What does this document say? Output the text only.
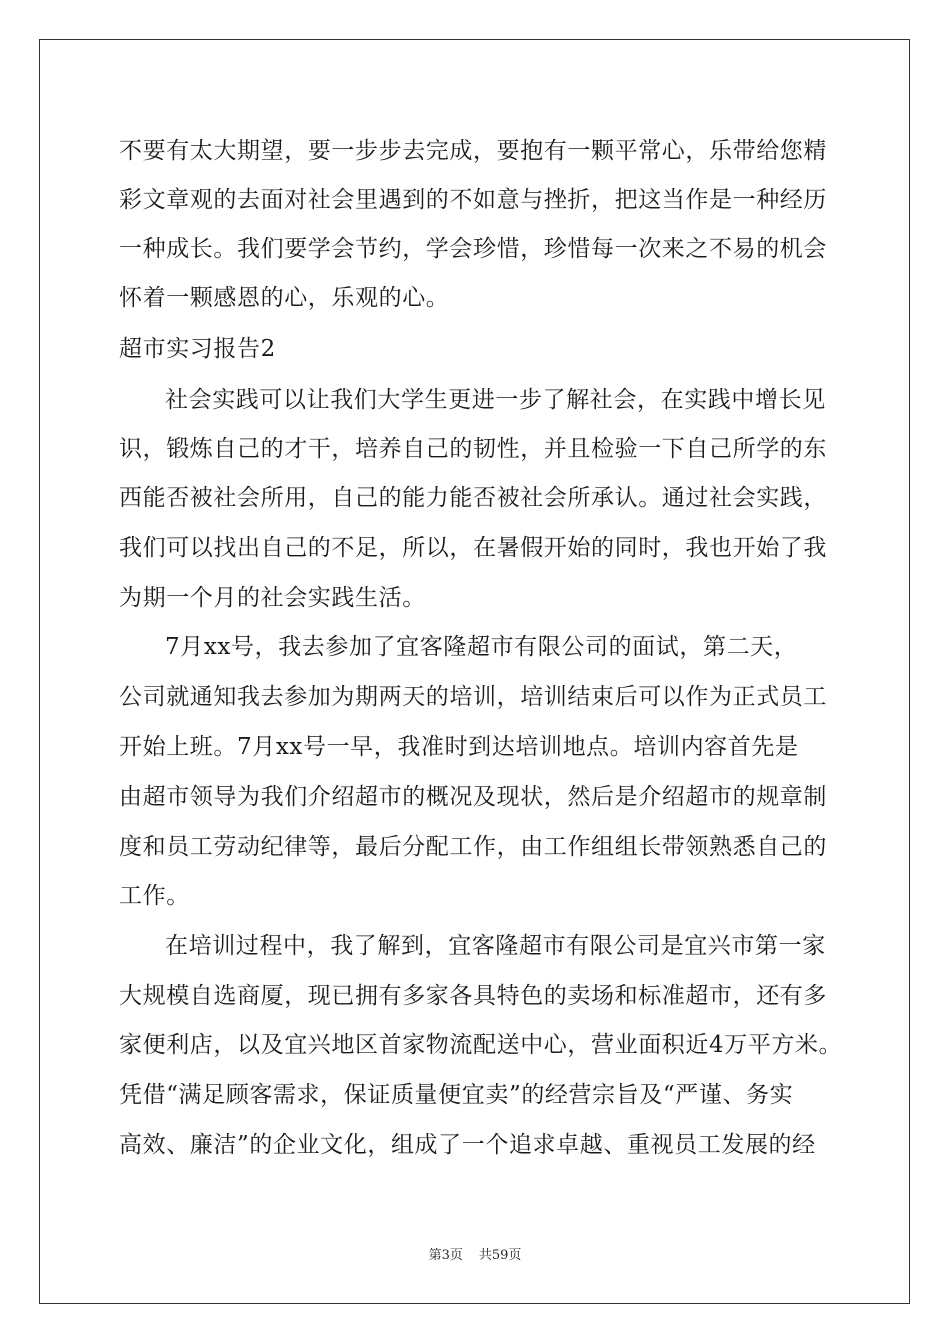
不要有太大期望，要一步步去完成，要抱有一颗平常心，乐带给您精
彩文章观的去面对社会里遇到的不如意与挫折，把这当作是一种经历
一种成长。我们要学会节约，学会珍惜，珍惜每一次来之不易的机会
怀着一颗感恩的心，乐观的心。
超市实习报告2
社会实践可以让我们大学生更进一步了解社会，在实践中增长见
识，锻炼自己的才干，培养自己的韧性，并且检验一下自己所学的东
西能否被社会所用，自己的能力能否被社会所承认。通过社会实践，
我们可以找出自己的不足，所以，在暑假开始的同时，我也开始了我
为期一个月的社会实践生活。
7月xx号，我去参加了宜客隆超市有限公司的面试，第二天，
公司就通知我去参加为期两天的培训，培训结束后可以作为正式员工
开始上班。7月xx号一早，我准时到达培训地点。培训内容首先是
由超市领导为我们介绍超市的概况及现状，然后是介绍超市的规章制
度和员工劳动纪律等，最后分配工作，由工作组组长带领熟悉自己的
工作。
在培训过程中，我了解到，宜客隆超市有限公司是宜兴市第一家
大规模自选商厦，现已拥有多家各具特色的卖场和标准超市，还有多
家便利店，以及宜兴地区首家物流配送中心，营业面积近4万平方米。
凭借“满足顾客需求，保证质量便宜卖”的经营宗旨及“严谨、务实
高效、廉洁”的企业文化，组成了一个追求卓越、重视员工发展的经
第3页 共59页
